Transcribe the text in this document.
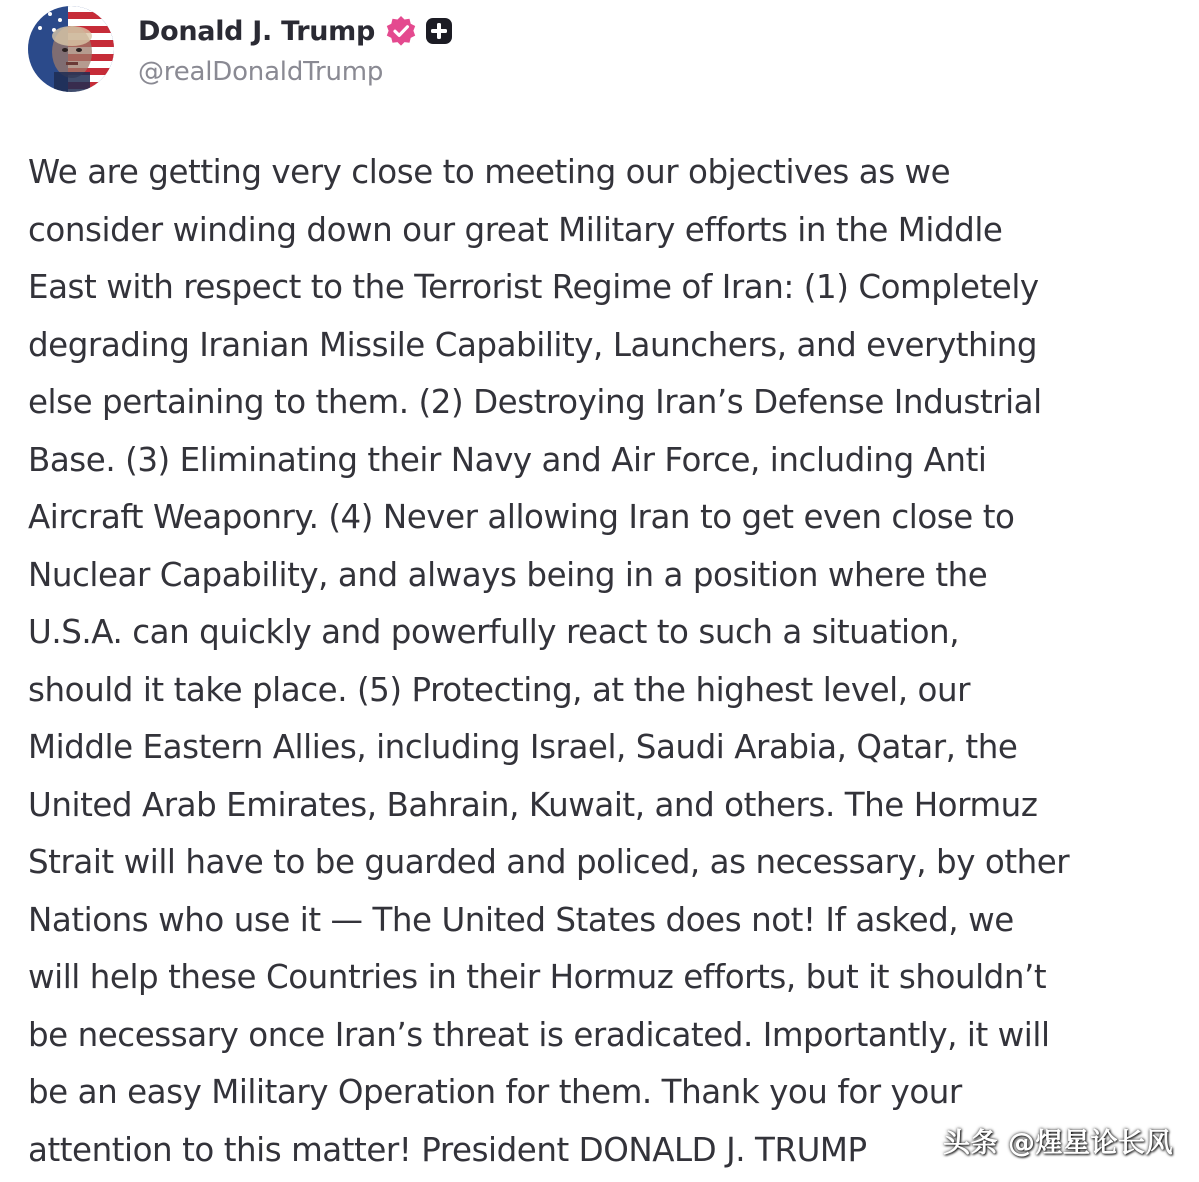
Donald J. Trump
@realDonaldTrump

We are getting very close to meeting our objectives as we
consider winding down our great Military efforts in the Middle
East with respect to the Terrorist Regime of Iran: (1) Completely
degrading Iranian Missile Capability, Launchers, and everything
else pertaining to them. (2) Destroying Iran’s Defense Industrial
Base. (3) Eliminating their Navy and Air Force, including Anti
Aircraft Weaponry. (4) Never allowing Iran to get even close to
Nuclear Capability, and always being in a position where the
U.S.A. can quickly and powerfully react to such a situation,
should it take place. (5) Protecting, at the highest level, our
Middle Eastern Allies, including Israel, Saudi Arabia, Qatar, the
United Arab Emirates, Bahrain, Kuwait, and others. The Hormuz
Strait will have to be guarded and policed, as necessary, by other
Nations who use it — The United States does not! If asked, we
will help these Countries in their Hormuz efforts, but it shouldn’t
be necessary once Iran’s threat is eradicated. Importantly, it will
be an easy Military Operation for them. Thank you for your
attention to this matter! President DONALD J. TRUMP	头条 @煋星论长风
